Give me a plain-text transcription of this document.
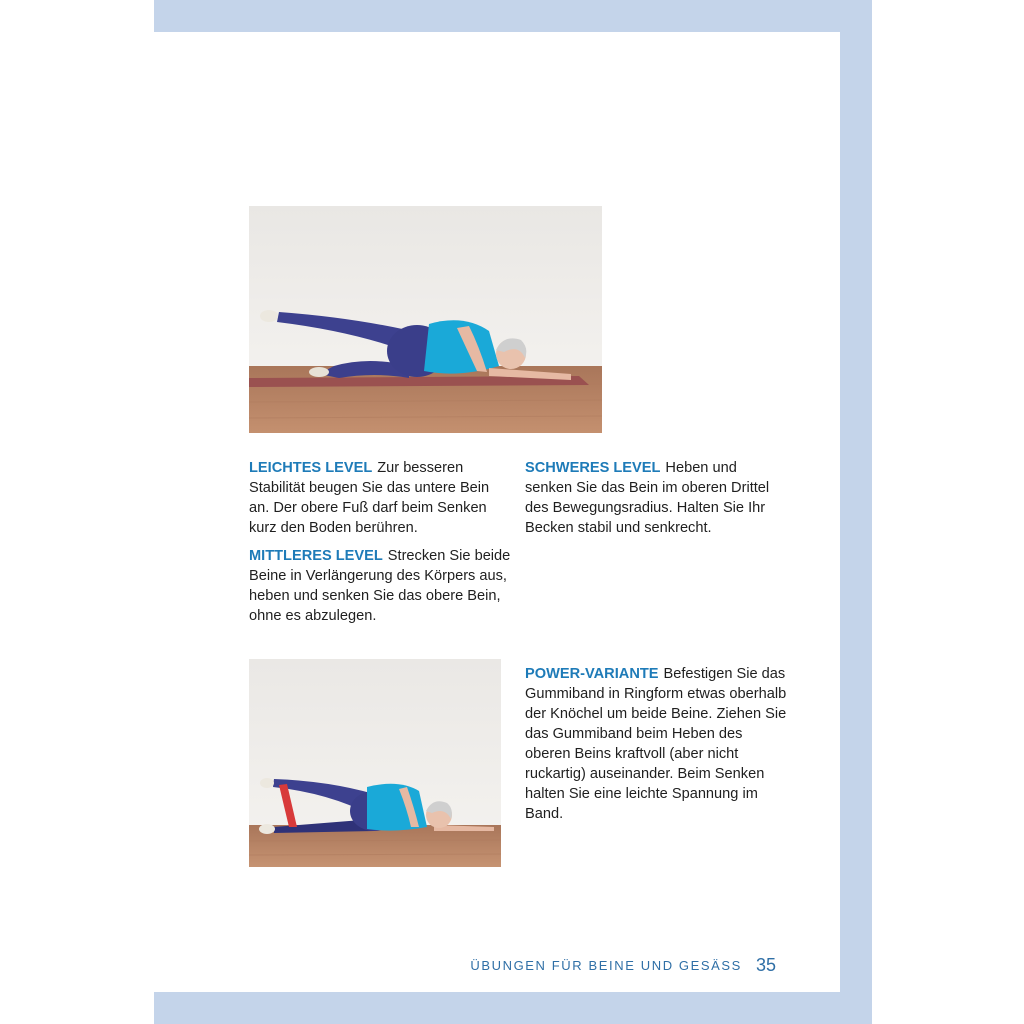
LEICHTES LEVEL Zur besseren Stabilität beugen Sie das untere Bein an. Der obere Fuß darf beim Senken kurz den Boden berühren.
MITTLERES LEVEL Strecken Sie beide Beine in Verlängerung des Körpers aus, heben und senken Sie das obere Bein, ohne es abzulegen.
SCHWERES LEVEL Heben und senken Sie das Bein im oberen Drittel des Bewegungsradius. Halten Sie Ihr Becken stabil und senkrecht.
POWER-VARIANTE Befestigen Sie das Gummiband in Ringform etwas oberhalb der Knöchel um beide Beine. Ziehen Sie das Gummiband beim Heben des oberen Beins kraftvoll (aber nicht ruckartig) auseinander. Beim Senken halten Sie eine leichte Spannung im Band.
ÜBUNGEN FÜR BEINE UND GESÄSS 35
